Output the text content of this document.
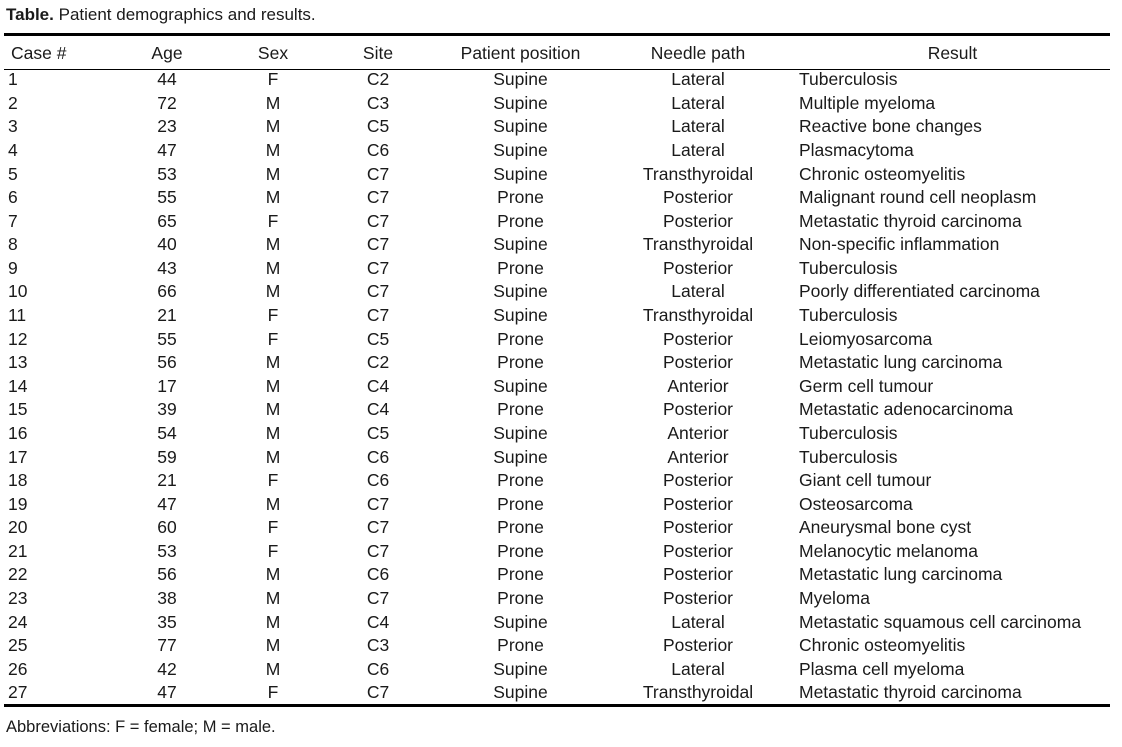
Table. Patient demographics and results.
Case #	Age	Sex	Site	Patient position	Needle path	Result
1	44	F	C2	Supine	Lateral	Tuberculosis
2	72	M	C3	Supine	Lateral	Multiple myeloma
3	23	M	C5	Supine	Lateral	Reactive bone changes
4	47	M	C6	Supine	Lateral	Plasmacytoma
5	53	M	C7	Supine	Transthyroidal	Chronic osteomyelitis
6	55	M	C7	Prone	Posterior	Malignant round cell neoplasm
7	65	F	C7	Prone	Posterior	Metastatic thyroid carcinoma
8	40	M	C7	Supine	Transthyroidal	Non-specific inflammation
9	43	M	C7	Prone	Posterior	Tuberculosis
10	66	M	C7	Supine	Lateral	Poorly differentiated carcinoma
11	21	F	C7	Supine	Transthyroidal	Tuberculosis
12	55	F	C5	Prone	Posterior	Leiomyosarcoma
13	56	M	C2	Prone	Posterior	Metastatic lung carcinoma
14	17	M	C4	Supine	Anterior	Germ cell tumour
15	39	M	C4	Prone	Posterior	Metastatic adenocarcinoma
16	54	M	C5	Supine	Anterior	Tuberculosis
17	59	M	C6	Supine	Anterior	Tuberculosis
18	21	F	C6	Prone	Posterior	Giant cell tumour
19	47	M	C7	Prone	Posterior	Osteosarcoma
20	60	F	C7	Prone	Posterior	Aneurysmal bone cyst
21	53	F	C7	Prone	Posterior	Melanocytic melanoma
22	56	M	C6	Prone	Posterior	Metastatic lung carcinoma
23	38	M	C7	Prone	Posterior	Myeloma
24	35	M	C4	Supine	Lateral	Metastatic squamous cell carcinoma
25	77	M	C3	Prone	Posterior	Chronic osteomyelitis
26	42	M	C6	Supine	Lateral	Plasma cell myeloma
27	47	F	C7	Supine	Transthyroidal	Metastatic thyroid carcinoma
Abbreviations: F = female; M = male.
